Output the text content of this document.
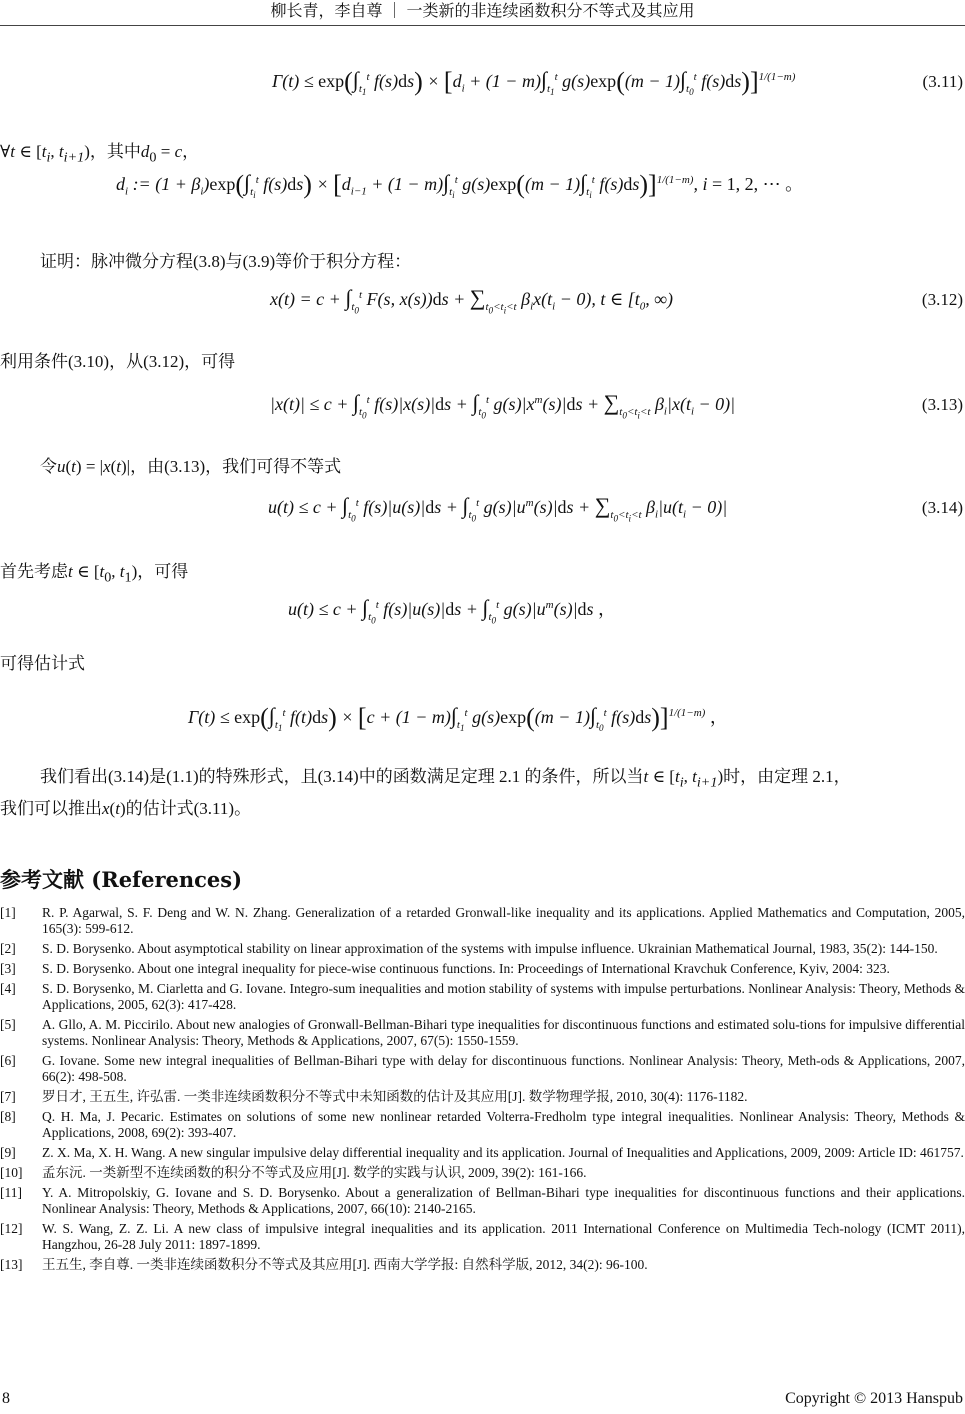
柳长青，李自尊 ｜ 一类新的非连续函数积分不等式及其应用
$\Gamma(t) \le \exp(\int_{t_1}^t$ $f(s)ds) \times [d_i + (1 - m)\int_{t_1}^t$ $g(s)\exp((m - 1)\int_{t_0}^t$ f(s)ds)]$^{1/(1-m)}$	(3.11)
∀t ∈ [$t_i$, $t_{i+1}$)，其中$d_0 = c$，
$d_i$ := $(1 + \beta_i)\exp(\int_{t_i}^t$ $f(s)ds) \times [d_{i-1} + (1 - m)\int_{t_i}^t$ $g(s)\exp((m - 1)\int_{t_i}^t$ f(s)ds)]$^{1/(1-m)}$, i = 1, 2, ⋯ 。
证明：脉冲微分方程(3.8)与(3.9)等价于积分方程：
$x(t) = c + \int_{t_0}^t$ F(s, $x(s))ds + \sum_{t_0<t_i<t}$ $\beta_ix(t_i - 0)$, t ∈ [$t_0$, ∞)	(3.12)
利用条件(3.10)，从(3.12)，可得
$|x(t)| \le c + \int_{t_0}^t$ $f(s)|x(s)|ds + \int_{t_0}^t$ $g(s)|x^m(s)|ds + \sum_{t_0<t_i<t}$ $\beta_i|x(t_i - 0)|$	(3.13)
令u(t) = |x(t)|，由(3.13)，我们可得不等式
$u(t) \le c + \int_{t_0}^t$ $f(s)|u(s)|ds + \int_{t_0}^t$ $g(s)|u^m(s)|ds + \sum_{t_0<t_i<t}$ $\beta_i|u(t_i - 0)|$	(3.14)
首先考虑t ∈ [$t_0$, $t_1$)，可得
$u(t) \le c + \int_{t_0}^t$ $f(s)|u(s)|ds + \int_{t_0}^t$ $g(s)|u^m(s)|ds$ ，
可得估计式
$\Gamma(t) \le \exp(\int_{t_1}^t$ $f(t)ds) \times [c + (1 - m)\int_{t_1}^t$ $g(s)\exp((m - 1)\int_{t_0}^t$ f(s)ds)]$^{1/(1-m)}$ ，
我们看出(3.14)是(1.1)的特殊形式，且(3.14)中的函数满足定理 2.1 的条件，所以当t ∈ [$t_i$, $t_{i+1}$)时，由定理 2.1，
我们可以推出x(t)的估计式(3.11)。
参考文献 (References)
[1] R. P. Agarwal, S. F. Deng and W. N. Zhang. Generalization of a retarded Gronwall-like inequality and its applications. Applied Mathematics and Computation, 2005, 165(3): 599-612.
[2] S. D. Borysenko. About asymptotical stability on linear approximation of the systems with impulse influence. Ukrainian Mathematical Journal, 1983, 35(2): 144-150.
[3] S. D. Borysenko. About one integral inequality for piece-wise continuous functions. In: Proceedings of International Kravchuk Conference, Kyiv, 2004: 323.
[4] S. D. Borysenko, M. Ciarletta and G. Iovane. Integro-sum inequalities and motion stability of systems with impulse perturbations. Nonlinear Analysis: Theory, Methods & Applications, 2005, 62(3): 417-428.
[5] A. Gllo, A. M. Piccirilo. About new analogies of Gronwall-Bellman-Bihari type inequalities for discontinuous functions and estimated solu-tions for impulsive differential systems. Nonlinear Analysis: Theory, Methods & Applications, 2007, 67(5): 1550-1559.
[6] G. Iovane. Some new integral inequalities of Bellman-Bihari type with delay for discontinuous functions. Nonlinear Analysis: Theory, Meth-ods & Applications, 2007, 66(2): 498-508.
[7] 罗日才, 王五生, 许弘雷. 一类非连续函数积分不等式中未知函数的估计及其应用[J]. 数学物理学报, 2010, 30(4): 1176-1182.
[8] Q. H. Ma, J. Pecaric. Estimates on solutions of some new nonlinear retarded Volterra-Fredholm type integral inequalities. Nonlinear Analysis: Theory, Methods & Applications, 2008, 69(2): 393-407.
[9] Z. X. Ma, X. H. Wang. A new singular impulsive delay differential inequality and its application. Journal of Inequalities and Applications, 2009, 2009: Article ID: 461757.
[10] 孟东沅. 一类新型不连续函数的积分不等式及应用[J]. 数学的实践与认识, 2009, 39(2): 161-166.
[11] Y. A. Mitropolskiy, G. Iovane and S. D. Borysenko. About a generalization of Bellman-Bihari type inequalities for discontinuous functions and their applications. Nonlinear Analysis: Theory, Methods & Applications, 2007, 66(10): 2140-2165.
[12] W. S. Wang, Z. Z. Li. A new class of impulsive integral inequalities and its application. 2011 International Conference on Multimedia Tech-nology (ICMT 2011), Hangzhou, 26-28 July 2011: 1897-1899.
[13] 王五生, 李自尊. 一类非连续函数积分不等式及其应用[J]. 西南大学学报: 自然科学版, 2012, 34(2): 96-100.
8	Copyright © 2013 Hanspub
